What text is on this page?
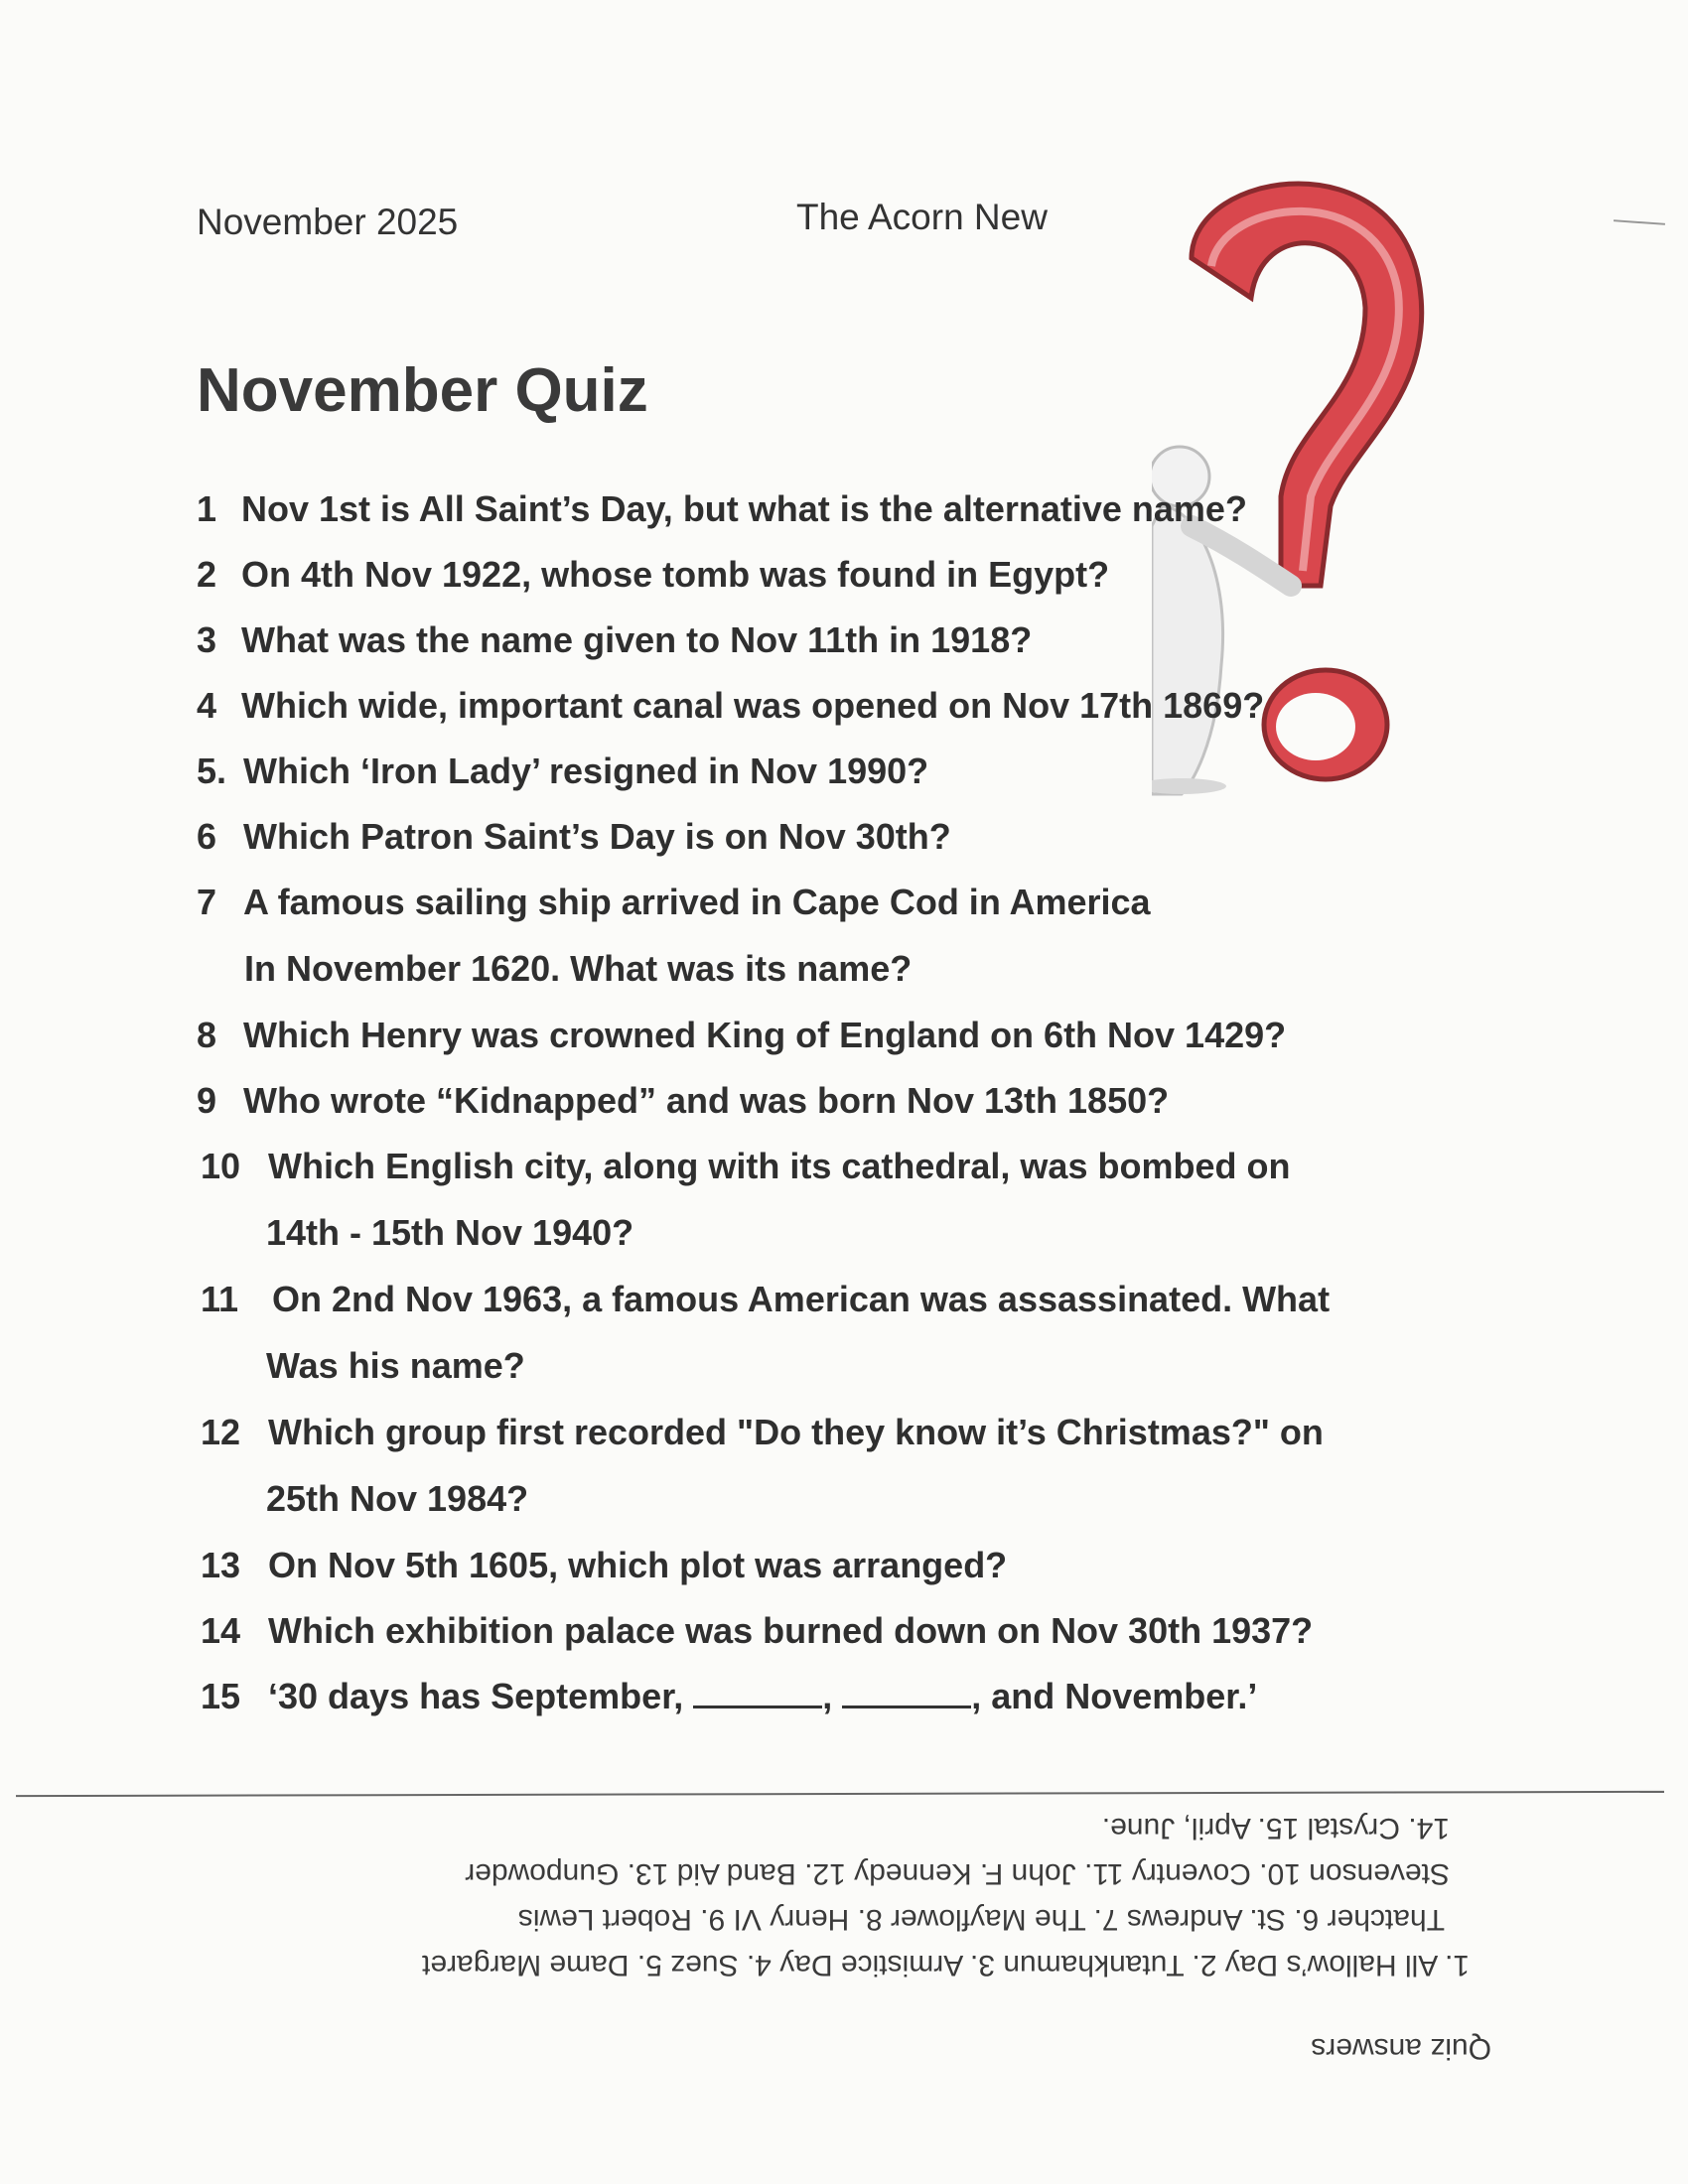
November 2025	The Acorn New
November Quiz
1 Nov 1st is All Saint’s Day, but what is the alternative name?
2 On 4th Nov 1922, whose tomb was found in Egypt?
3 What was the name given to Nov 11th in 1918?
4 Which wide, important canal was opened on Nov 17th 1869?
5. Which ‘Iron Lady’ resigned in Nov 1990?
6 Which Patron Saint’s Day is on Nov 30th?
7 A famous sailing ship arrived in Cape Cod in America
In November 1620. What was its name?
8 Which Henry was crowned King of England on 6th Nov 1429?
9 Who wrote “Kidnapped” and was born Nov 13th 1850?
10 Which English city, along with its cathedral, was bombed on
14th - 15th Nov 1940?
11 On 2nd Nov 1963, a famous American was assassinated. What
Was his name?
12 Which group first recorded "Do they know it’s Christmas?" on
25th Nov 1984?
13 On Nov 5th 1605, which plot was arranged?
14 Which exhibition palace was burned down on Nov 30th 1937?
15 ‘30 days has September,	,	, and November.’
Quiz answers
1. All Hallow’s Day 2. Tutankhamun 3. Armistice Day 4. Suez 5. Dame Margaret
Thatcher 6. St. Andrews 7. The Mayflower 8. Henry VI 9. Robert Lewis
Stevenson 10. Coventry 11. John F. Kennedy 12. Band Aid 13. Gunpowder
14. Crystal 15. April, June.
